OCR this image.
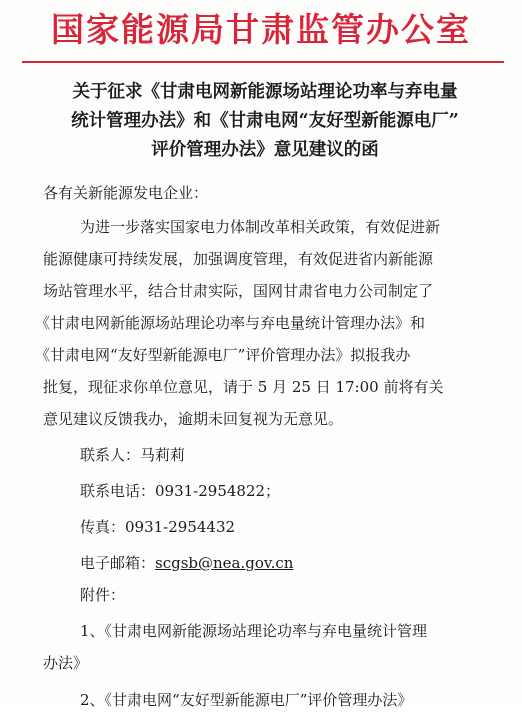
国家能源局甘肃监管办公室
关于征求《甘肃电网新能源场站理论功率与弃电量
统计管理办法》和《甘肃电网“友好型新能源电厂”
评价管理办法》意见建议的函
各有关新能源发电企业：
为进一步落实国家电力体制改革相关政策，有效促进新
能源健康可持续发展，加强调度管理，有效促进省内新能源
场站管理水平，结合甘肃实际，国网甘肃省电力公司制定了
《甘肃电网新能源场站理论功率与弃电量统计管理办法》和
《甘肃电网“友好型新能源电厂”评价管理办法》拟报我办
批复，现征求你单位意见，请于 5 月 25 日 17:00 前将有关
意见建议反馈我办，逾期未回复视为无意见。
联系人：马莉莉
联系电话：0931-2954822；
传真：0931-2954432
电子邮箱：scgsb@nea.gov.cn
附件：
1、《甘肃电网新能源场站理论功率与弃电量统计管理
办法》
2、《甘肃电网“友好型新能源电厂”评价管理办法》
